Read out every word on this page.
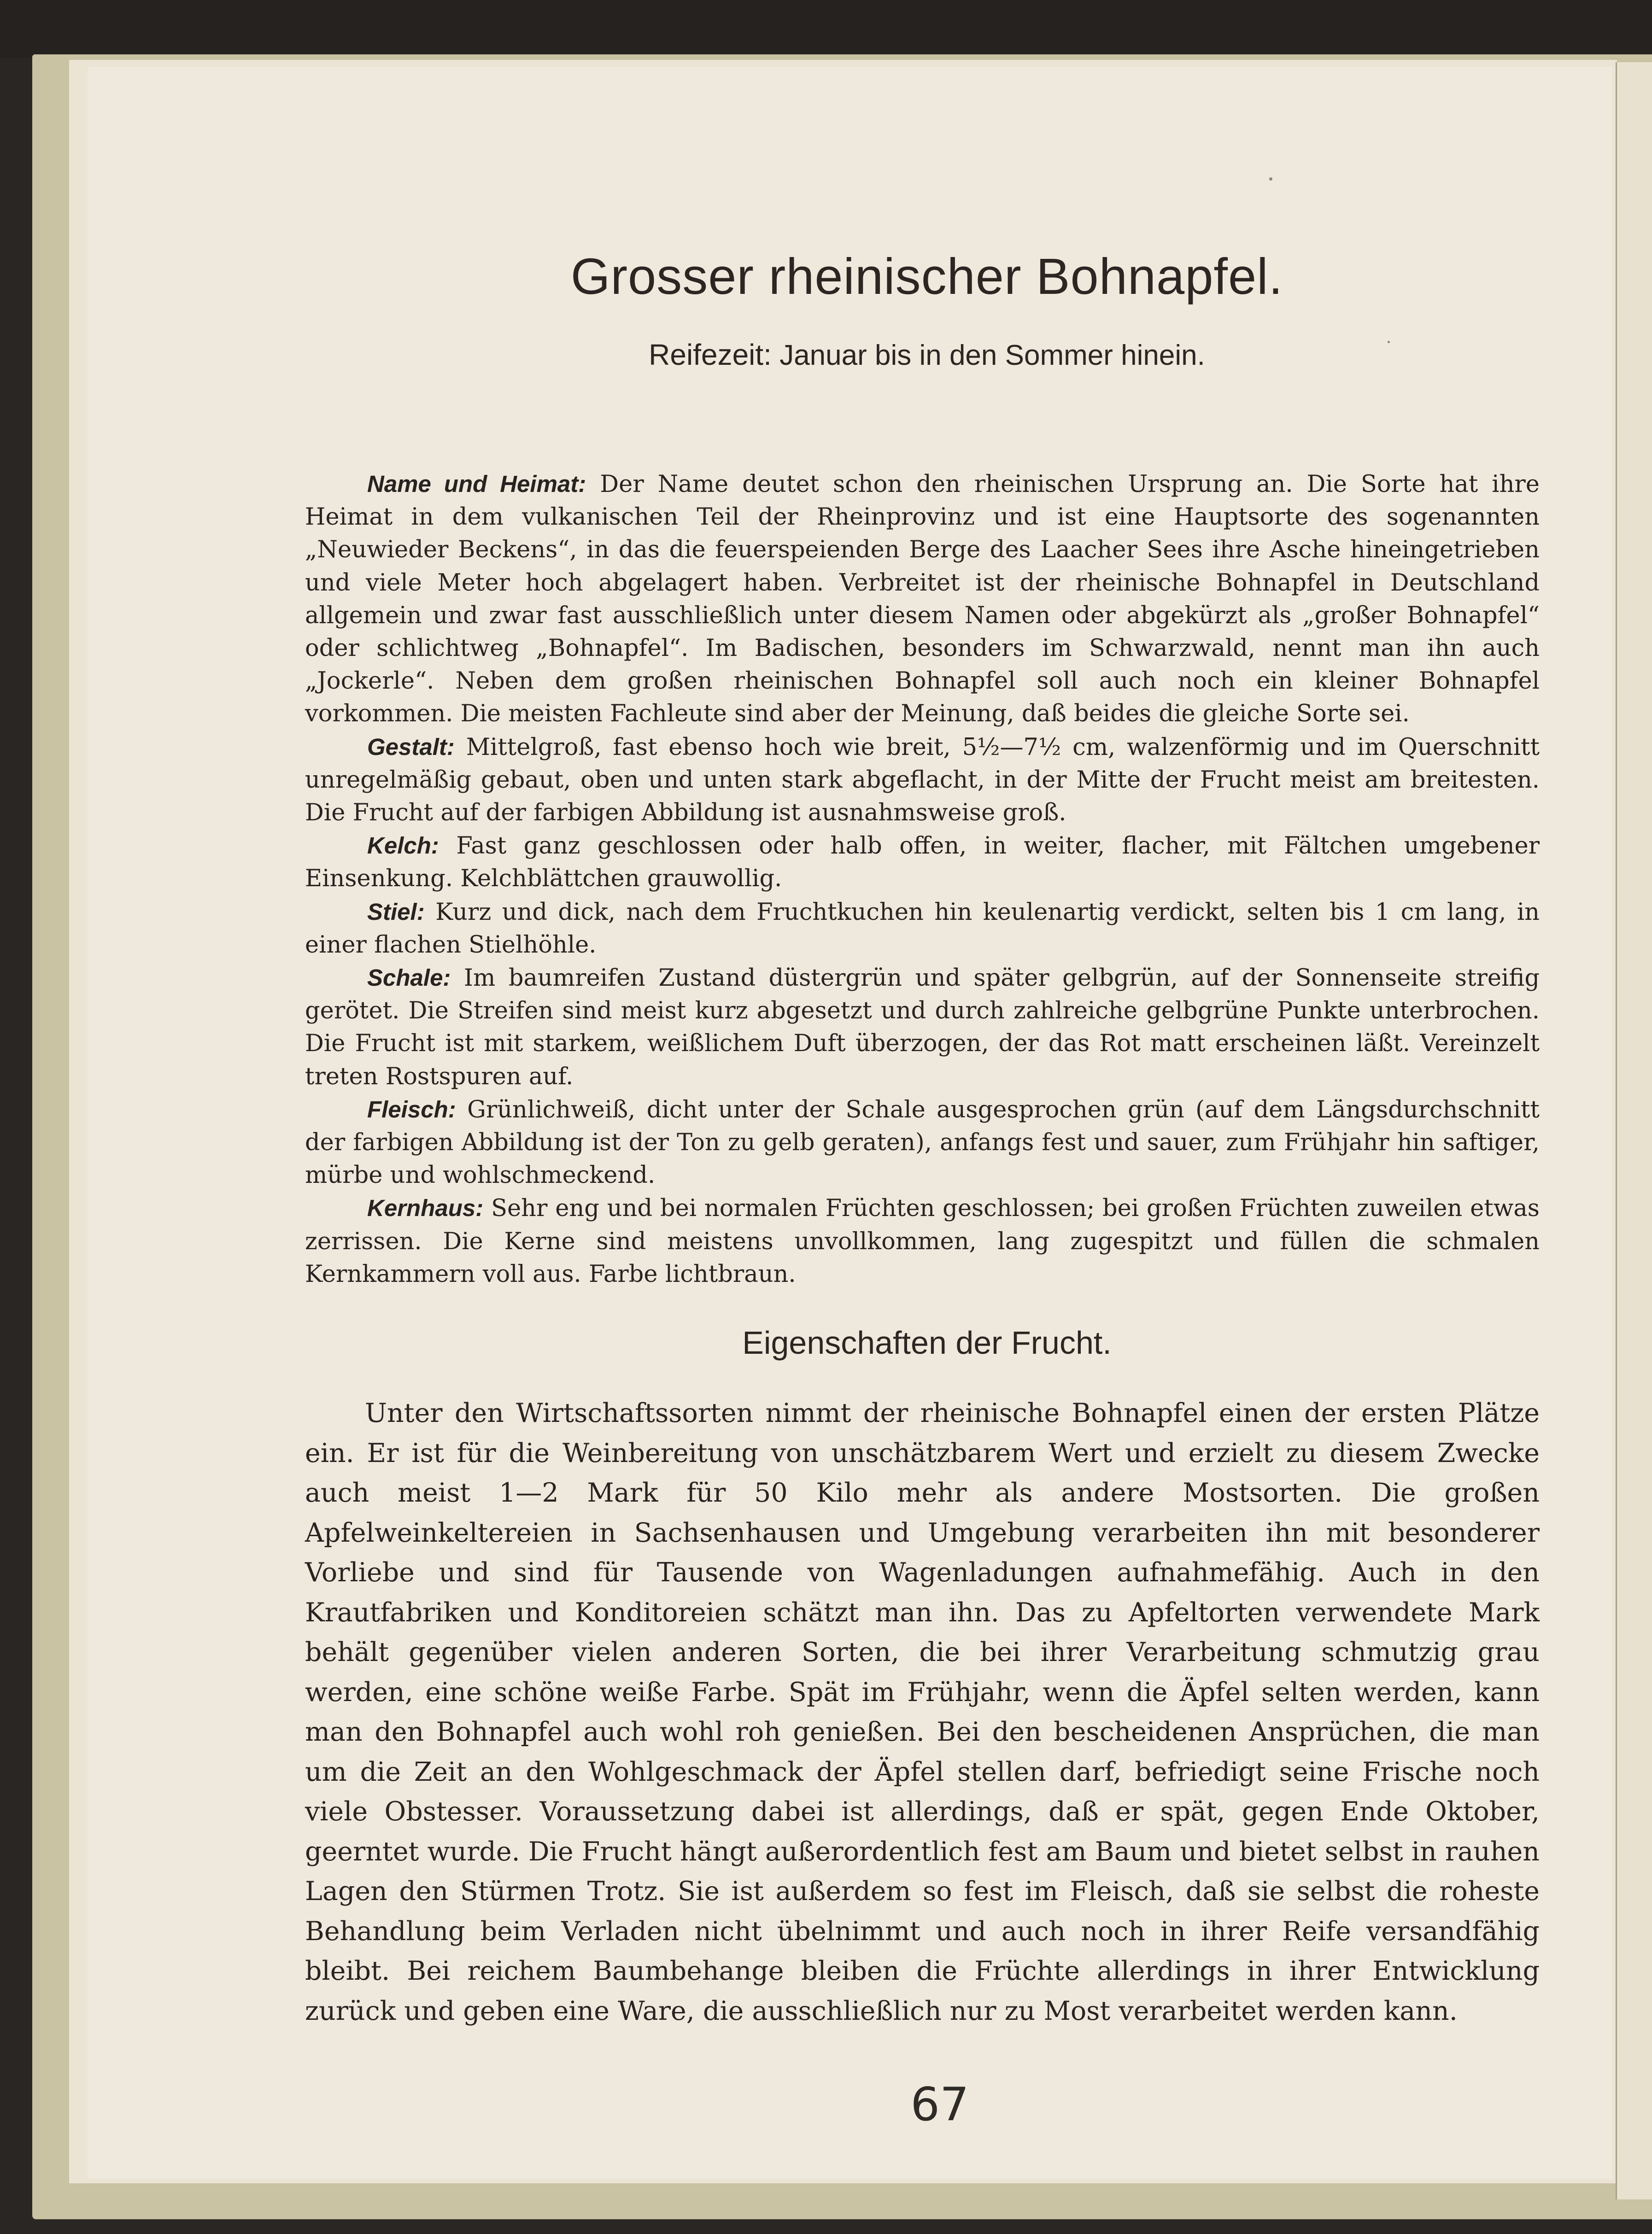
Grosser rheinischer Bohnapfel.
Reifezeit: Januar bis in den Sommer hinein.

Name und Heimat: Der Name deutet schon den rheinischen Ursprung an. Die Sorte hat ihre Heimat in dem vulkanischen Teil der Rheinprovinz und ist eine Hauptsorte des sogenannten „Neuwieder Beckens“, in das die feuerspeienden Berge des Laacher Sees ihre Asche hineingetrieben und viele Meter hoch abgelagert haben. Verbreitet ist der rheinische Bohnapfel in Deutschland allgemein und zwar fast ausschließlich unter diesem Namen oder abgekürzt als „großer Bohnapfel“ oder schlichtweg „Bohnapfel“. Im Badischen, besonders im Schwarzwald, nennt man ihn auch „Jockerle“. Neben dem großen rheinischen Bohnapfel soll auch noch ein kleiner Bohnapfel vorkommen. Die meisten Fachleute sind aber der Meinung, daß beides die gleiche Sorte sei.

Gestalt: Mittelgroß, fast ebenso hoch wie breit, 5½—7½ cm, walzenförmig und im Querschnitt unregelmäßig gebaut, oben und unten stark abgeflacht, in der Mitte der Frucht meist am breitesten. Die Frucht auf der farbigen Abbildung ist ausnahmsweise groß.

Kelch: Fast ganz geschlossen oder halb offen, in weiter, flacher, mit Fältchen umgebener Einsenkung. Kelchblättchen grauwollig.

Stiel: Kurz und dick, nach dem Fruchtkuchen hin keulenartig verdickt, selten bis 1 cm lang, in einer flachen Stielhöhle.

Schale: Im baumreifen Zustand düstergrün und später gelbgrün, auf der Sonnenseite streifig gerötet. Die Streifen sind meist kurz abgesetzt und durch zahlreiche gelbgrüne Punkte unterbrochen. Die Frucht ist mit starkem, weißlichem Duft überzogen, der das Rot matt erscheinen läßt. Vereinzelt treten Rostspuren auf.

Fleisch: Grünlichweiß, dicht unter der Schale ausgesprochen grün (auf dem Längsdurchschnitt der farbigen Abbildung ist der Ton zu gelb geraten), anfangs fest und sauer, zum Frühjahr hin saftiger, mürbe und wohlschmeckend.

Kernhaus: Sehr eng und bei normalen Früchten geschlossen; bei großen Früchten zuweilen etwas zerrissen. Die Kerne sind meistens unvollkommen, lang zugespitzt und füllen die schmalen Kernkammern voll aus. Farbe lichtbraun.

Eigenschaften der Frucht.

Unter den Wirtschaftssorten nimmt der rheinische Bohnapfel einen der ersten Plätze ein. Er ist für die Weinbereitung von unschätzbarem Wert und erzielt zu diesem Zwecke auch meist 1—2 Mark für 50 Kilo mehr als andere Mostsorten. Die großen Apfelweinkeltereien in Sachsenhausen und Umgebung verarbeiten ihn mit besonderer Vorliebe und sind für Tausende von Wagenladungen aufnahmefähig. Auch in den Krautfabriken und Konditoreien schätzt man ihn. Das zu Apfeltorten verwendete Mark behält gegenüber vielen anderen Sorten, die bei ihrer Verarbeitung schmutzig grau werden, eine schöne weiße Farbe. Spät im Frühjahr, wenn die Äpfel selten werden, kann man den Bohnapfel auch wohl roh genießen. Bei den bescheidenen Ansprüchen, die man um die Zeit an den Wohlgeschmack der Äpfel stellen darf, befriedigt seine Frische noch viele Obstesser. Voraussetzung dabei ist allerdings, daß er spät, gegen Ende Oktober, geerntet wurde. Die Frucht hängt außerordentlich fest am Baum und bietet selbst in rauhen Lagen den Stürmen Trotz. Sie ist außerdem so fest im Fleisch, daß sie selbst die roheste Behandlung beim Verladen nicht übelnimmt und auch noch in ihrer Reife versandfähig bleibt. Bei reichem Baumbehange bleiben die Früchte allerdings in ihrer Entwicklung zurück und geben eine Ware, die ausschließlich nur zu Most verarbeitet werden kann.

67
